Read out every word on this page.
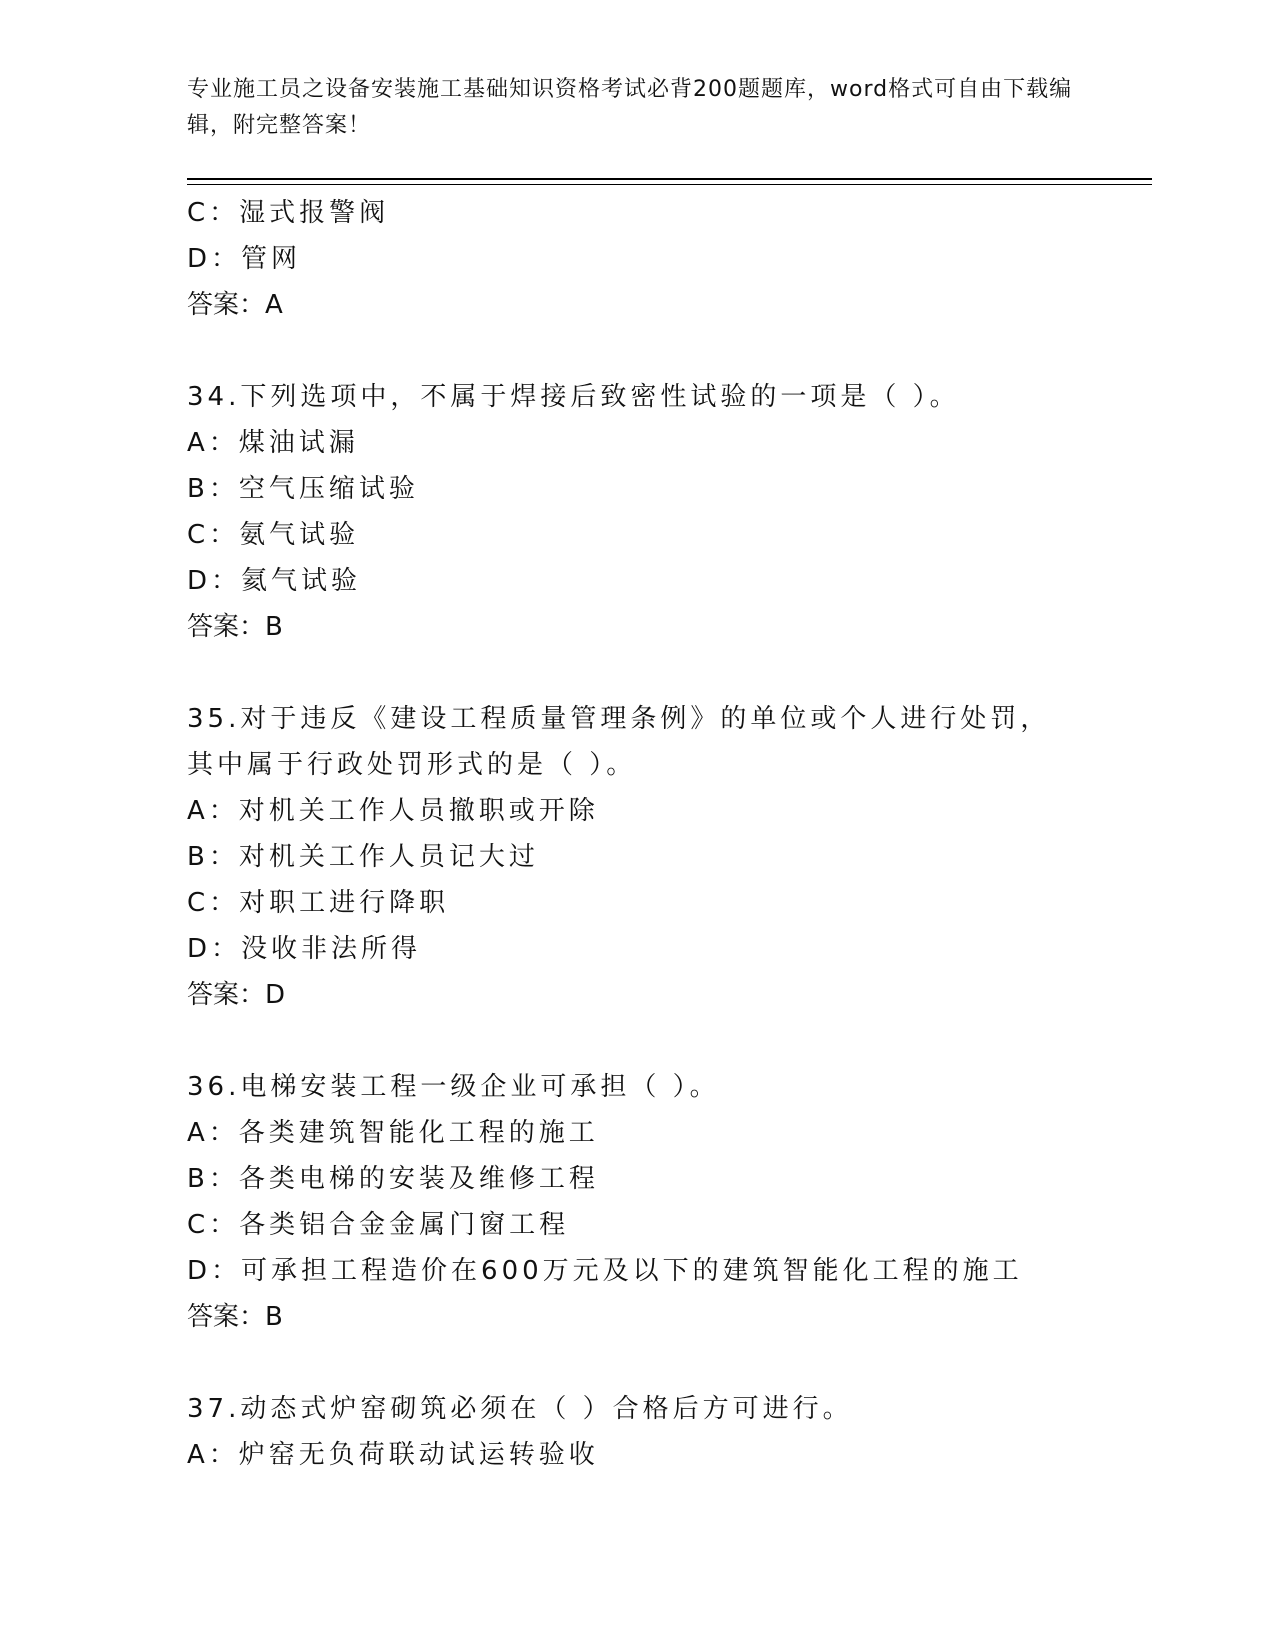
专业施工员之设备安装施工基础知识资格考试必背200题题库，word格式可自由下载编辑，附完整答案！
C：湿式报警阀
D：管网
答案：A
34.下列选项中，不属于焊接后致密性试验的一项是（ ）。
A：煤油试漏
B：空气压缩试验
C：氨气试验
D：氦气试验
答案：B
35.对于违反《建设工程质量管理条例》的单位或个人进行处罚，其中属于行政处罚形式的是（ ）。
A：对机关工作人员撤职或开除
B：对机关工作人员记大过
C：对职工进行降职
D：没收非法所得
答案：D
36.电梯安装工程一级企业可承担（ ）。
A：各类建筑智能化工程的施工
B：各类电梯的安装及维修工程
C：各类铝合金金属门窗工程
D：可承担工程造价在600万元及以下的建筑智能化工程的施工
答案：B
37.动态式炉窑砌筑必须在（ ）合格后方可进行。
A：炉窑无负荷联动试运转验收
